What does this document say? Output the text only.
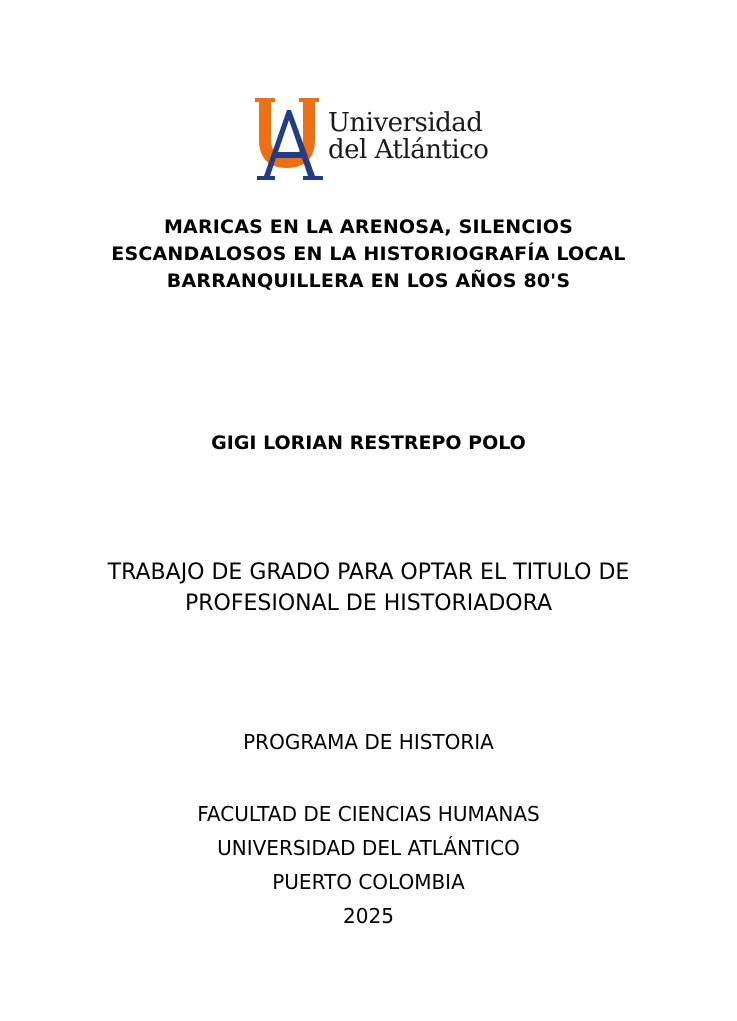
Universidad
del Atlántico
MARICAS EN LA ARENOSA, SILENCIOS
ESCANDALOSOS EN LA HISTORIOGRAFÍA LOCAL
BARRANQUILLERA EN LOS AÑOS 80'S
GIGI LORIAN RESTREPO POLO
TRABAJO DE GRADO PARA OPTAR EL TITULO DE
PROFESIONAL DE HISTORIADORA
PROGRAMA DE HISTORIA
FACULTAD DE CIENCIAS HUMANAS
UNIVERSIDAD DEL ATLÁNTICO
PUERTO COLOMBIA
2025
